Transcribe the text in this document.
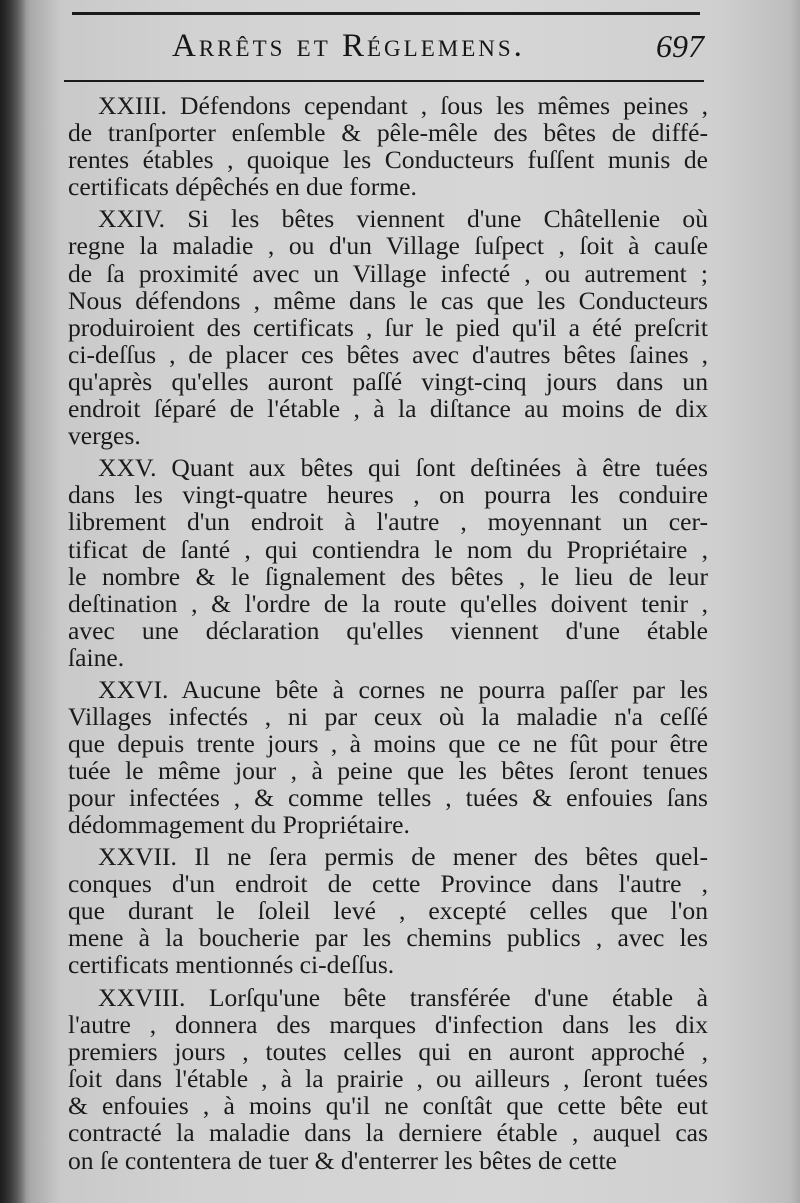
Arrêts et Réglemens.	697
XXIII. Défendons cependant , ſous les mêmes peines ,
de tranſporter enſemble & pêle-mêle des bêtes de diffé-
rentes étables , quoique les Conducteurs fuſſent munis de
certificats dépêchés en due forme.
XXIV. Si les bêtes viennent d'une Châtellenie où
regne la maladie , ou d'un Village ſuſpect , ſoit à cauſe
de ſa proximité avec un Village infecté , ou autrement ;
Nous défendons , même dans le cas que les Conducteurs
produiroient des certificats , ſur le pied qu'il a été preſcrit
ci-deſſus , de placer ces bêtes avec d'autres bêtes ſaines ,
qu'après qu'elles auront paſſé vingt-cinq jours dans un
endroit ſéparé de l'étable , à la diſtance au moins de dix
verges.
XXV. Quant aux bêtes qui ſont deſtinées à être tuées
dans les vingt-quatre heures , on pourra les conduire
librement d'un endroit à l'autre , moyennant un cer-
tificat de ſanté , qui contiendra le nom du Propriétaire ,
le nombre & le ſignalement des bêtes , le lieu de leur
deſtination , & l'ordre de la route qu'elles doivent tenir ,
avec une déclaration qu'elles viennent d'une étable
ſaine.
XXVI. Aucune bête à cornes ne pourra paſſer par les
Villages infectés , ni par ceux où la maladie n'a ceſſé
que depuis trente jours , à moins que ce ne fût pour être
tuée le même jour , à peine que les bêtes ſeront tenues
pour infectées , & comme telles , tuées & enfouies ſans
dédommagement du Propriétaire.
XXVII. Il ne ſera permis de mener des bêtes quel-
conques d'un endroit de cette Province dans l'autre ,
que durant le ſoleil levé , excepté celles que l'on
mene à la boucherie par les chemins publics , avec les
certificats mentionnés ci-deſſus.
XXVIII. Lorſqu'une bête transférée d'une étable à
l'autre , donnera des marques d'infection dans les dix
premiers jours , toutes celles qui en auront approché ,
ſoit dans l'étable , à la prairie , ou ailleurs , ſeront tuées
& enfouies , à moins qu'il ne conſtât que cette bête eut
contracté la maladie dans la derniere étable , auquel cas
on ſe contentera de tuer & d'enterrer les bêtes de cette
